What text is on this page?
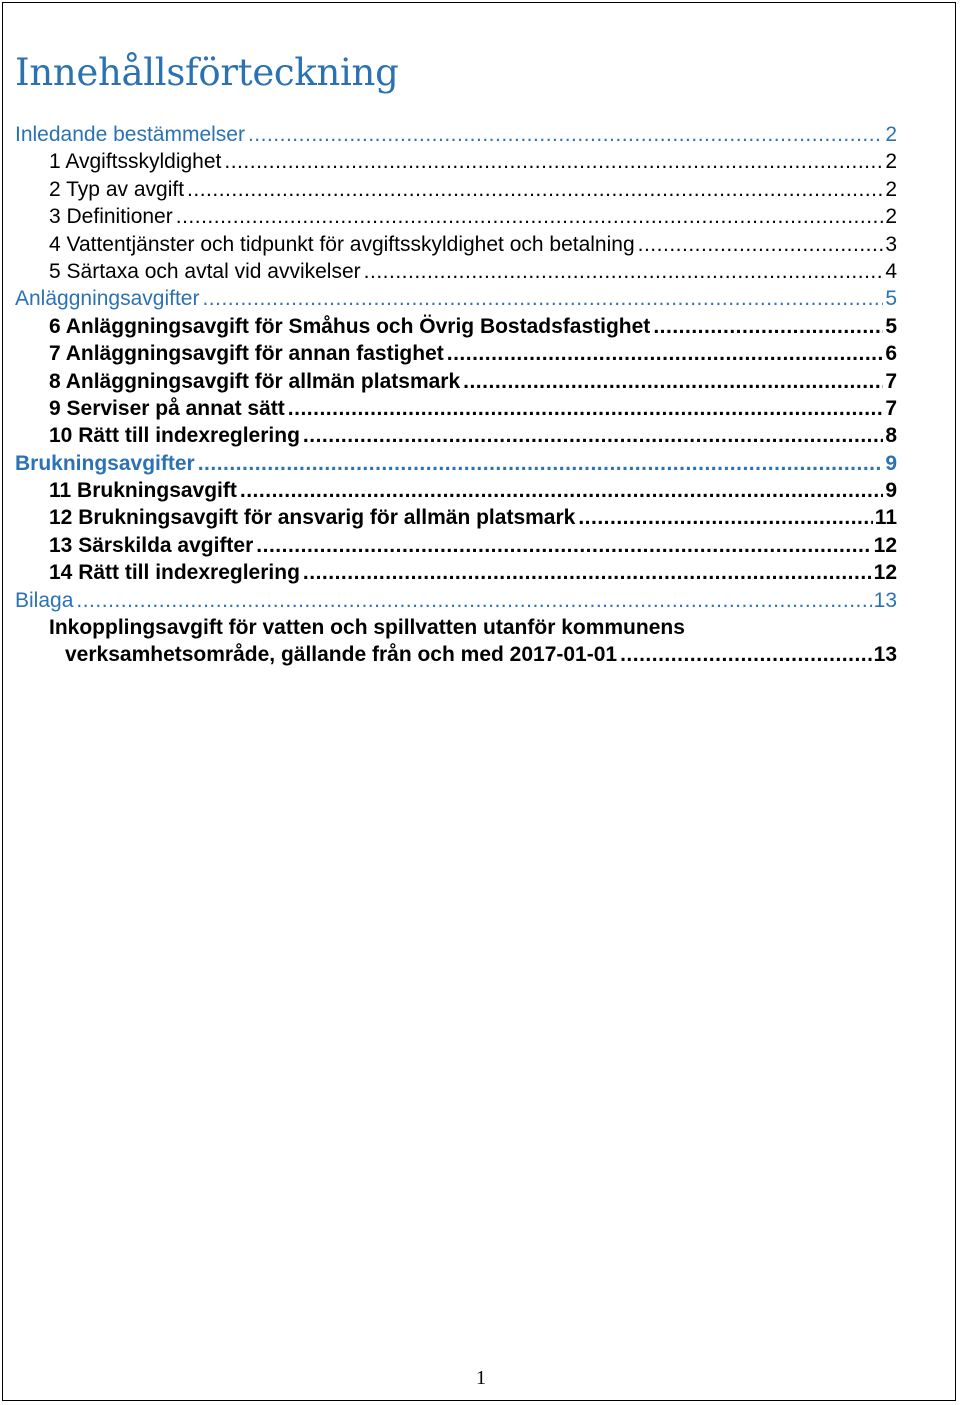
Innehållsförteckning
Inledande bestämmelser .....	2
1 Avgiftsskyldighet .....	2
2 Typ av avgift .....	2
3 Definitioner .....	2
4 Vattentjänster och tidpunkt för avgiftsskyldighet och betalning .....	3
5 Särtaxa och avtal vid avvikelser .....	4
Anläggningsavgifter .....	5
6 Anläggningsavgift för Småhus och Övrig Bostadsfastighet .....	5
7 Anläggningsavgift för annan fastighet .....	6
8 Anläggningsavgift för allmän platsmark .....	7
9 Serviser på annat sätt .....	7
10 Rätt till indexreglering .....	8
Brukningsavgifter .....	9
11 Brukningsavgift .....	9
12 Brukningsavgift för ansvarig för allmän platsmark .....	11
13 Särskilda avgifter .....	12
14 Rätt till indexreglering .....	12
Bilaga .....	13
Inkopplingsavgift för vatten och spillvatten utanför kommunens
verksamhetsområde, gällande från och med 2017-01-01 .....	13
1
